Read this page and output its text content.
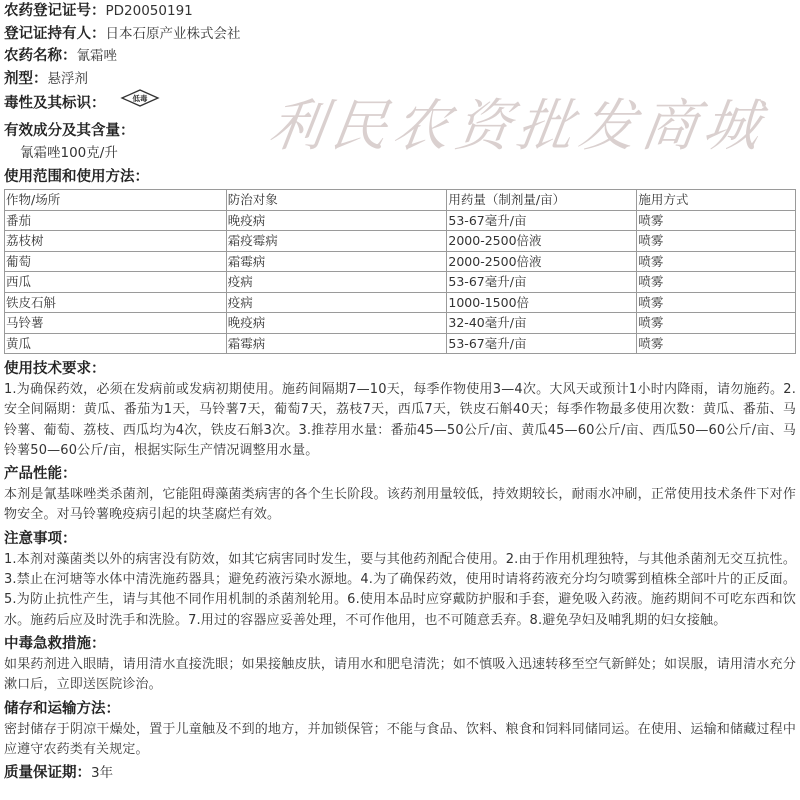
利民农资批发商城
农药登记证号：PD20050191
登记证持有人：日本石原产业株式会社
农药名称：氰霜唑
剂型：悬浮剂
毒性及其标识：	低毒
有效成分及其含量：
氰霜唑100克/升
使用范围和使用方法：
作物/场所	防治对象	用药量（制剂量/亩）	施用方式
番茄	晚疫病	53-67毫升/亩	喷雾
荔枝树	霜疫霉病	2000-2500倍液	喷雾
葡萄	霜霉病	2000-2500倍液	喷雾
西瓜	疫病	53-67毫升/亩	喷雾
铁皮石斛	疫病	1000-1500倍	喷雾
马铃薯	晚疫病	32-40毫升/亩	喷雾
黄瓜	霜霉病	53-67毫升/亩	喷雾
使用技术要求：
1.为确保药效，必须在发病前或发病初期使用。施药间隔期7—10天，每季作物使用3—4次。大风天或预计1小时内降雨，请勿施药。2.安全间隔期：黄瓜、番茄为1天，马铃薯7天，葡萄7天，荔枝7天，西瓜7天，铁皮石斛40天；每季作物最多使用次数：黄瓜、番茄、马铃薯、葡萄、荔枝、西瓜均为4次，铁皮石斛3次。3.推荐用水量：番茄45—50公斤/亩、黄瓜45—60公斤/亩、西瓜50—60公斤/亩、马铃薯50—60公斤/亩，根据实际生产情况调整用水量。
产品性能：
本剂是氰基咪唑类杀菌剂，它能阻碍藻菌类病害的各个生长阶段。该药剂用量较低，持效期较长，耐雨水冲刷，正常使用技术条件下对作物安全。对马铃薯晚疫病引起的块茎腐烂有效。
注意事项：
1.本剂对藻菌类以外的病害没有防效，如其它病害同时发生，要与其他药剂配合使用。2.由于作用机理独特，与其他杀菌剂无交互抗性。3.禁止在河塘等水体中清洗施药器具；避免药液污染水源地。4.为了确保药效，使用时请将药液充分均匀喷雾到植株全部叶片的正反面。5.为防止抗性产生，请与其他不同作用机制的杀菌剂轮用。6.使用本品时应穿戴防护服和手套，避免吸入药液。施药期间不可吃东西和饮水。施药后应及时洗手和洗脸。7.用过的容器应妥善处理，不可作他用，也不可随意丢弃。8.避免孕妇及哺乳期的妇女接触。
中毒急救措施：
如果药剂进入眼睛，请用清水直接洗眼；如果接触皮肤，请用水和肥皂清洗；如不慎吸入迅速转移至空气新鲜处；如误服，请用清水充分漱口后，立即送医院诊治。
储存和运输方法：
密封储存于阴凉干燥处，置于儿童触及不到的地方，并加锁保管；不能与食品、饮料、粮食和饲料同储同运。在使用、运输和储藏过程中应遵守农药类有关规定。
质量保证期：3年
